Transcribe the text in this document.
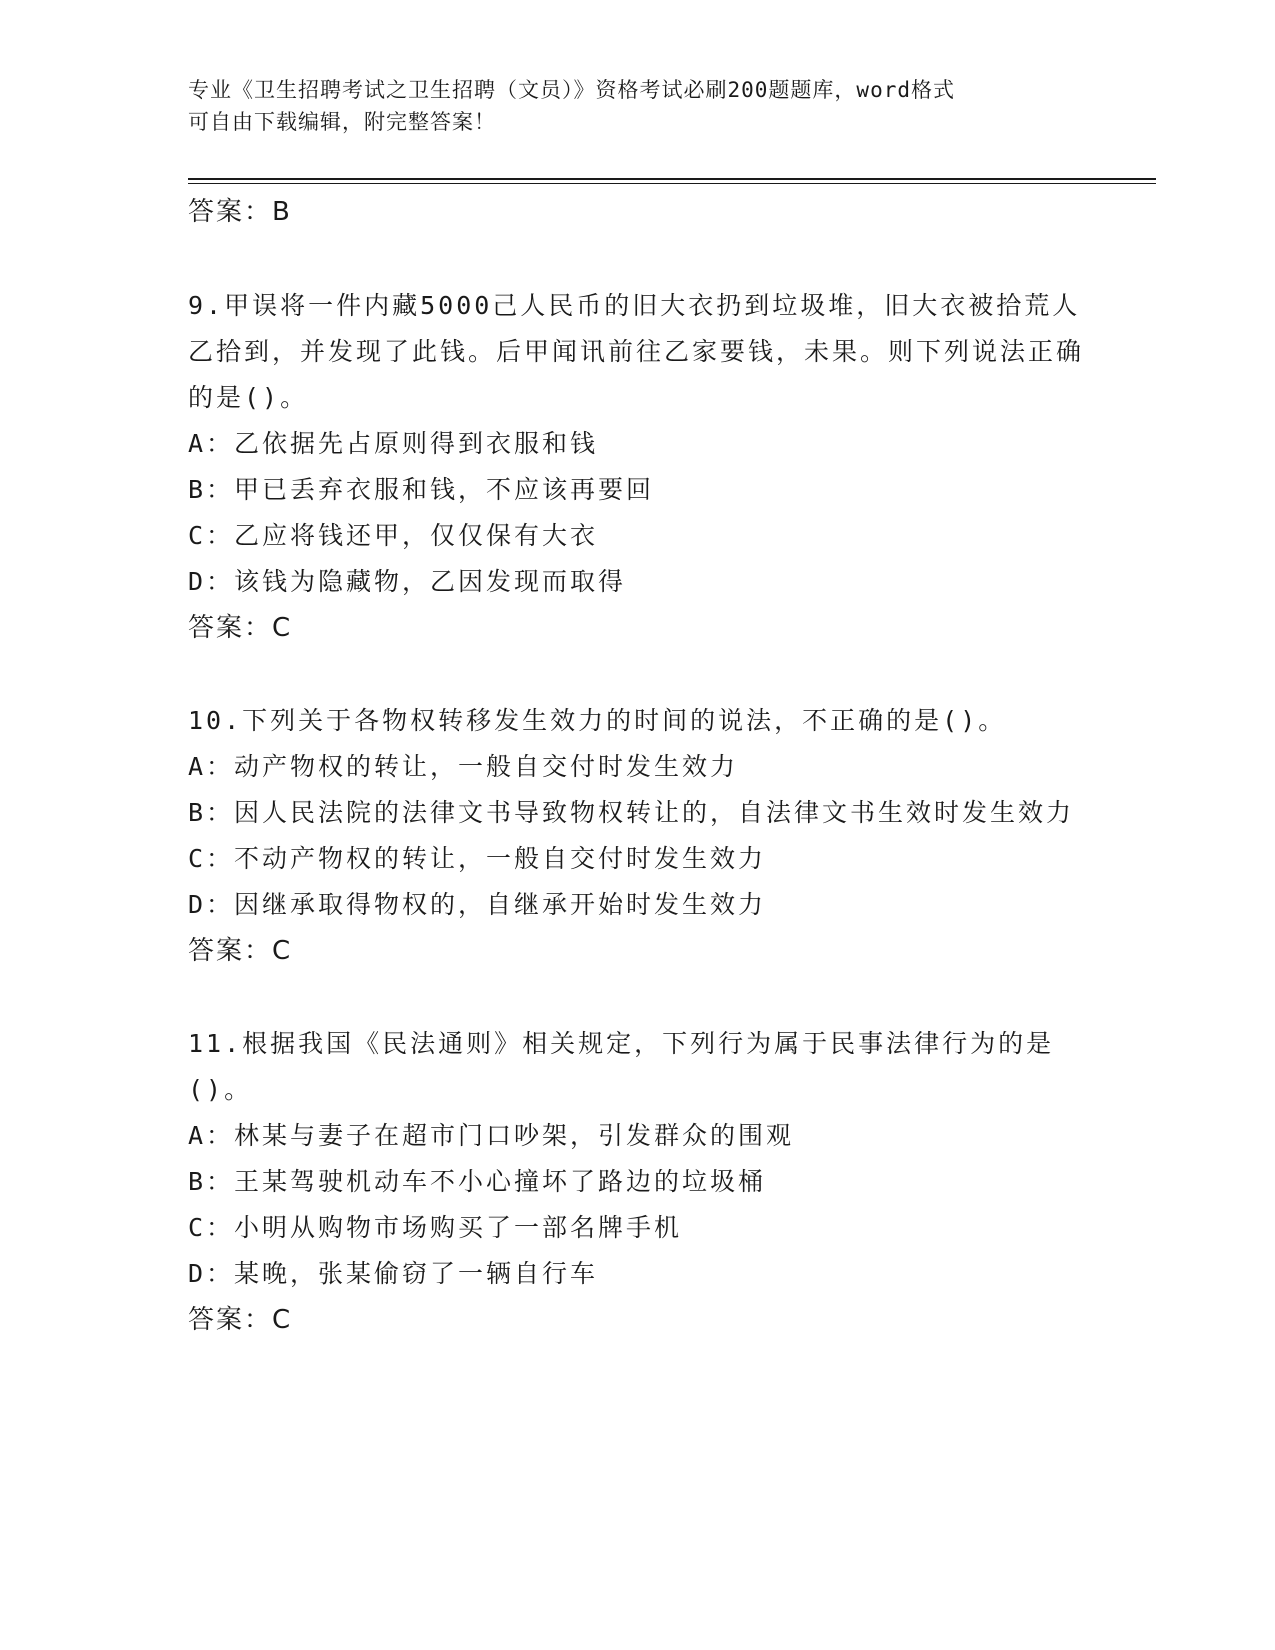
专业《卫生招聘考试之卫生招聘（文员）》资格考试必刷200题题库，word格式
可自由下载编辑，附完整答案！
答案：B
9.甲误将一件内藏5000己人民币的旧大衣扔到垃圾堆，旧大衣被拾荒人乙拾到，并发现了此钱。后甲闻讯前往乙家要钱，未果。则下列说法正确的是()。
A：乙依据先占原则得到衣服和钱
B：甲已丢弃衣服和钱，不应该再要回
C：乙应将钱还甲，仅仅保有大衣
D：该钱为隐藏物，乙因发现而取得
答案：C
10.下列关于各物权转移发生效力的时间的说法，不正确的是()。
A：动产物权的转让，一般自交付时发生效力
B：因人民法院的法律文书导致物权转让的，自法律文书生效时发生效力
C：不动产物权的转让，一般自交付时发生效力
D：因继承取得物权的，自继承开始时发生效力
答案：C
11.根据我国《民法通则》相关规定，下列行为属于民事法律行为的是()。
A：林某与妻子在超市门口吵架，引发群众的围观
B：王某驾驶机动车不小心撞坏了路边的垃圾桶
C：小明从购物市场购买了一部名牌手机
D：某晚，张某偷窃了一辆自行车
答案：C
